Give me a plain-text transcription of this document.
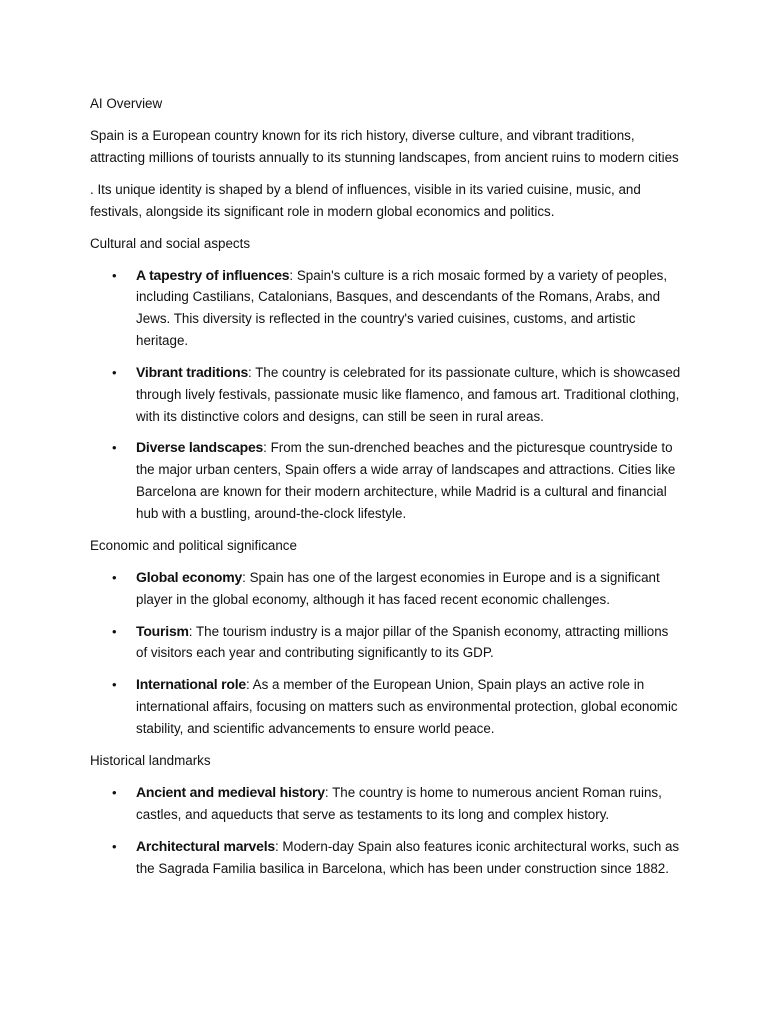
AI Overview
Spain is a European country known for its rich history, diverse culture, and vibrant traditions, attracting millions of tourists annually to its stunning landscapes, from ancient ruins to modern cities
. Its unique identity is shaped by a blend of influences, visible in its varied cuisine, music, and festivals, alongside its significant role in modern global economics and politics.
Cultural and social aspects
• A tapestry of influences: Spain's culture is a rich mosaic formed by a variety of peoples, including Castilians, Catalonians, Basques, and descendants of the Romans, Arabs, and Jews. This diversity is reflected in the country's varied cuisines, customs, and artistic heritage.
• Vibrant traditions: The country is celebrated for its passionate culture, which is showcased through lively festivals, passionate music like flamenco, and famous art. Traditional clothing, with its distinctive colors and designs, can still be seen in rural areas.
• Diverse landscapes: From the sun-drenched beaches and the picturesque countryside to the major urban centers, Spain offers a wide array of landscapes and attractions. Cities like Barcelona are known for their modern architecture, while Madrid is a cultural and financial hub with a bustling, around-the-clock lifestyle.
Economic and political significance
• Global economy: Spain has one of the largest economies in Europe and is a significant player in the global economy, although it has faced recent economic challenges.
• Tourism: The tourism industry is a major pillar of the Spanish economy, attracting millions of visitors each year and contributing significantly to its GDP.
• International role: As a member of the European Union, Spain plays an active role in international affairs, focusing on matters such as environmental protection, global economic stability, and scientific advancements to ensure world peace.
Historical landmarks
• Ancient and medieval history: The country is home to numerous ancient Roman ruins, castles, and aqueducts that serve as testaments to its long and complex history.
• Architectural marvels: Modern-day Spain also features iconic architectural works, such as the Sagrada Familia basilica in Barcelona, which has been under construction since 1882.
